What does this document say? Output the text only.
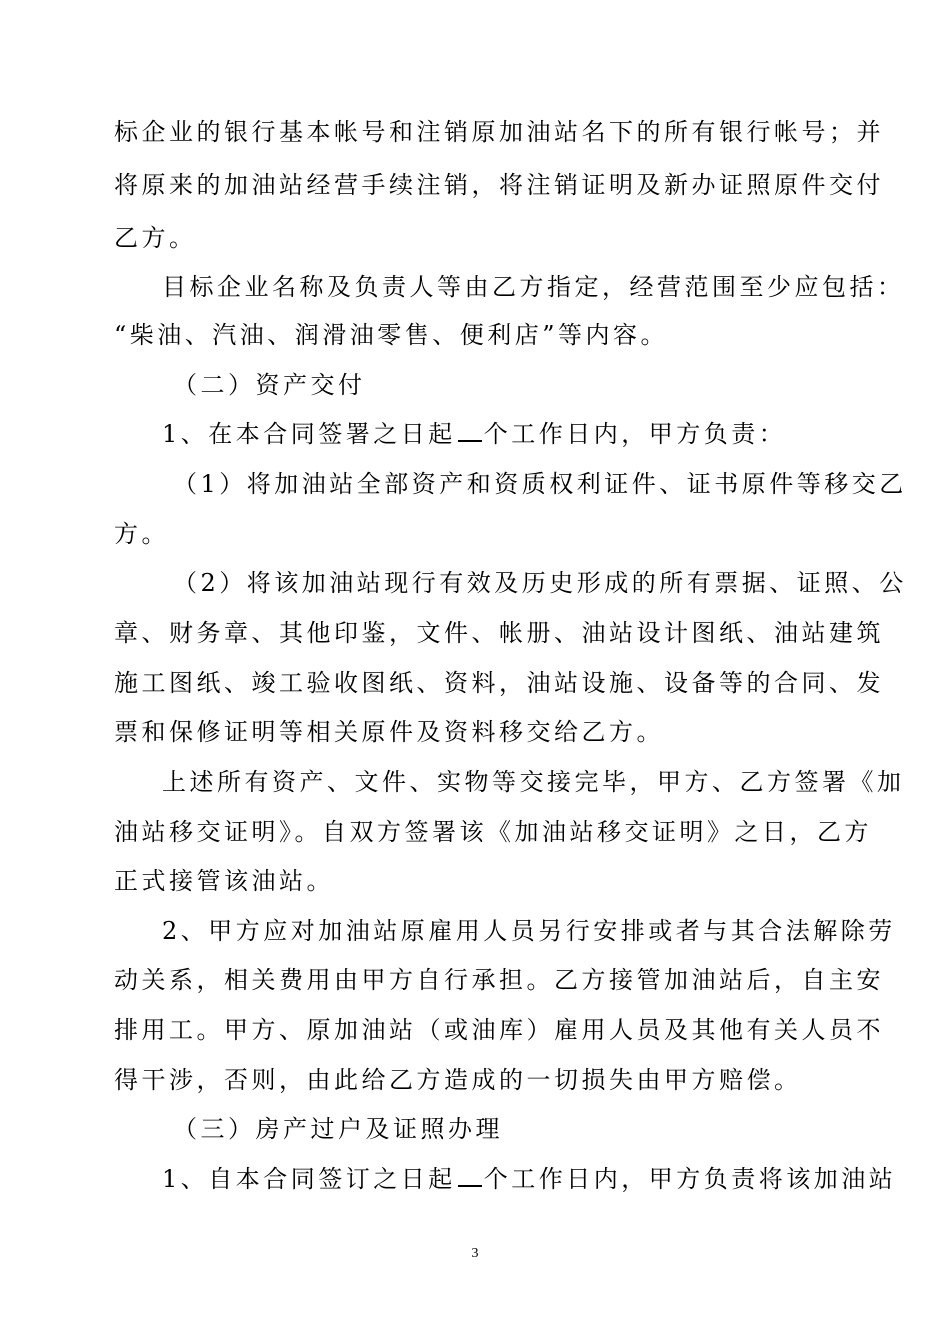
标企业的银行基本帐号和注销原加油站名下的所有银行帐号；并
将原来的加油站经营手续注销，将注销证明及新办证照原件交付
乙方。
目标企业名称及负责人等由乙方指定，经营范围至少应包括：
“柴油、汽油、润滑油零售、便利店”等内容。
（二）资产交付
1、在本合同签署之日起 个工作日内，甲方负责：
（1）将加油站全部资产和资质权利证件、证书原件等移交乙
方。
（2）将该加油站现行有效及历史形成的所有票据、证照、公
章、财务章、其他印鉴，文件、帐册、油站设计图纸、油站建筑
施工图纸、竣工验收图纸、资料，油站设施、设备等的合同、发
票和保修证明等相关原件及资料移交给乙方。
上述所有资产、文件、实物等交接完毕，甲方、乙方签署《加
油站移交证明》。自双方签署该《加油站移交证明》之日，乙方
正式接管该油站。
2、甲方应对加油站原雇用人员另行安排或者与其合法解除劳
动关系，相关费用由甲方自行承担。乙方接管加油站后，自主安
排用工。甲方、原加油站（或油库）雇用人员及其他有关人员不
得干涉，否则，由此给乙方造成的一切损失由甲方赔偿。
（三）房产过户及证照办理
1、自本合同签订之日起 个工作日内，甲方负责将该加油站
3
